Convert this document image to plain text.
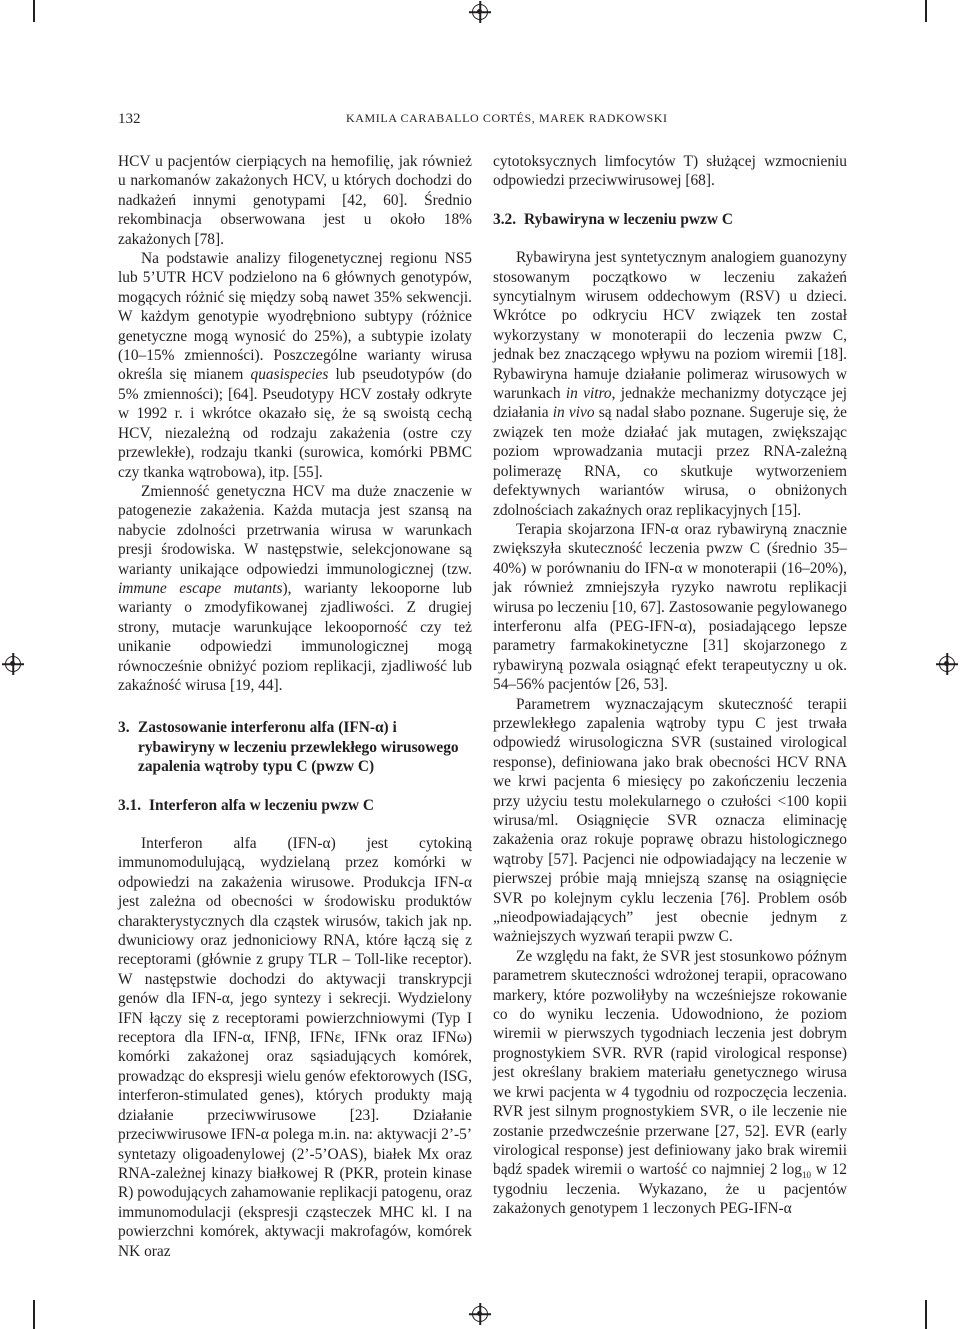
132	KAMILA CARABALLO CORTÉS, MAREK RADKOWSKI

HCV u pacjentów cierpiących na hemofilię, jak również u narkomanów zakażonych HCV, u których dochodzi do nadkażeń innymi genotypami [42, 60]. Średnio rekombinacja obserwowana jest u około 18% zakażonych [78].

Na podstawie analizy filogenetycznej regionu NS5 lub 5’UTR HCV podzielono na 6 głównych genotypów, mogących różnić się między sobą nawet 35% sekwencji. W każdym genotypie wyodrębniono subtypy (różnice genetyczne mogą wynosić do 25%), a subtypie izolaty (10–15% zmienności). Poszczególne warianty wirusa określa się mianem quasispecies lub pseudotypów (do 5% zmienności); [64]. Pseudotypy HCV zostały odkryte w 1992 r. i wkrótce okazało się, że są swoistą cechą HCV, niezależną od rodzaju zakażenia (ostre czy przewlekłe), rodzaju tkanki (surowica, komórki PBMC czy tkanka wątrobowa), itp. [55].

Zmienność genetyczna HCV ma duże znaczenie w patogenezie zakażenia. Każda mutacja jest szansą na nabycie zdolności przetrwania wirusa w warunkach presji środowiska. W następstwie, selekcjonowane są warianty unikające odpowiedzi immunologicznej (tzw. immune escape mutants), warianty lekooporne lub warianty o zmodyfikowanej zjadliwości. Z drugiej strony, mutacje warunkujące lekooporność czy też unikanie odpowiedzi immunologicznej mogą równocześnie obniżyć poziom replikacji, zjadliwość lub zakaźność wirusa [19, 44].

3. Zastosowanie interferonu alfa (IFN-α) i rybawiryny w leczeniu przewlekłego wirusowego zapalenia wątroby typu C (pwzw C)

3.1. Interferon alfa w leczeniu pwzw C

Interferon alfa (IFN-α) jest cytokiną immunomodulującą, wydzielaną przez komórki w odpowiedzi na zakażenia wirusowe. Produkcja IFN-α jest zależna od obecności w środowisku produktów charakterystycznych dla cząstek wirusów, takich jak np. dwuniciowy oraz jednoniciowy RNA, które łączą się z receptorami (głównie z grupy TLR – Toll-like receptor). W następstwie dochodzi do aktywacji transkrypcji genów dla IFN-α, jego syntezy i sekrecji. Wydzielony IFN łączy się z receptorami powierzchniowymi (Typ I receptora dla IFN-α, IFNβ, IFNε, IFNĸ oraz IFNω) komórki zakażonej oraz sąsiadujących komórek, prowadząc do ekspresji wielu genów efektorowych (ISG, interferon-stimulated genes), których produkty mają działanie przeciwwirusowe [23]. Działanie przeciwwirusowe IFN-α polega m.in. na: aktywacji 2’-5’ syntetazy oligoadenylowej (2’-5’OAS), białek Mx oraz RNA-zależnej kinazy białkowej R (PKR, protein kinase R) powodujących zahamowanie replikacji patogenu, oraz immunomodulacji (ekspresji cząsteczek MHC kl. I na powierzchni komórek, aktywacji makrofagów, komórek NK oraz

cytotoksycznych limfocytów T) służącej wzmocnieniu odpowiedzi przeciwwirusowej [68].

3.2. Rybawiryna w leczeniu pwzw C

Rybawiryna jest syntetycznym analogiem guanozyny stosowanym początkowo w leczeniu zakażeń syncytialnym wirusem oddechowym (RSV) u dzieci. Wkrótce po odkryciu HCV związek ten został wykorzystany w monoterapii do leczenia pwzw C, jednak bez znaczącego wpływu na poziom wiremii [18]. Rybawiryna hamuje działanie polimeraz wirusowych w warunkach in vitro, jednakże mechanizmy dotyczące jej działania in vivo są nadal słabo poznane. Sugeruje się, że związek ten może działać jak mutagen, zwiększając poziom wprowadzania mutacji przez RNA-zależną polimerazę RNA, co skutkuje wytworzeniem defektywnych wariantów wirusa, o obniżonych zdolnościach zakaźnych oraz replikacyjnych [15].

Terapia skojarzona IFN-α oraz rybawiryną znacznie zwiększyła skuteczność leczenia pwzw C (średnio 35–40%) w porównaniu do IFN-α w monoterapii (16–20%), jak również zmniejszyła ryzyko nawrotu replikacji wirusa po leczeniu [10, 67]. Zastosowanie pegylowanego interferonu alfa (PEG-IFN-α), posiadającego lepsze parametry farmakokinetyczne [31] skojarzonego z rybawiryną pozwala osiągnąć efekt terapeutyczny u ok. 54–56% pacjentów [26, 53].

Parametrem wyznaczającym skuteczność terapii przewlekłego zapalenia wątroby typu C jest trwała odpowiedź wirusologiczna SVR (sustained virological response), definiowana jako brak obecności HCV RNA we krwi pacjenta 6 miesięcy po zakończeniu leczenia przy użyciu testu molekularnego o czułości <100 kopii wirusa/ml. Osiągnięcie SVR oznacza eliminację zakażenia oraz rokuje poprawę obrazu histologicznego wątroby [57]. Pacjenci nie odpowiadający na leczenie w pierwszej próbie mają mniejszą szansę na osiągnięcie SVR po kolejnym cyklu leczenia [76]. Problem osób „nieodpowiadających” jest obecnie jednym z ważniejszych wyzwań terapii pwzw C.

Ze względu na fakt, że SVR jest stosunkowo późnym parametrem skuteczności wdrożonej terapii, opracowano markery, które pozwoliłyby na wcześniejsze rokowanie co do wyniku leczenia. Udowodniono, że poziom wiremii w pierwszych tygodniach leczenia jest dobrym prognostykiem SVR. RVR (rapid virological response) jest określany brakiem materiału genetycznego wirusa we krwi pacjenta w 4 tygodniu od rozpoczęcia leczenia. RVR jest silnym prognostykiem SVR, o ile leczenie nie zostanie przedwcześnie przerwane [27, 52]. EVR (early virological response) jest definiowany jako brak wiremii bądź spadek wiremii o wartość co najmniej 2 $\log_{10} w$ 12 tygodniu leczenia. Wykazano, że u pacjentów zakażonych genotypem 1 leczonych PEG-IFN-α
